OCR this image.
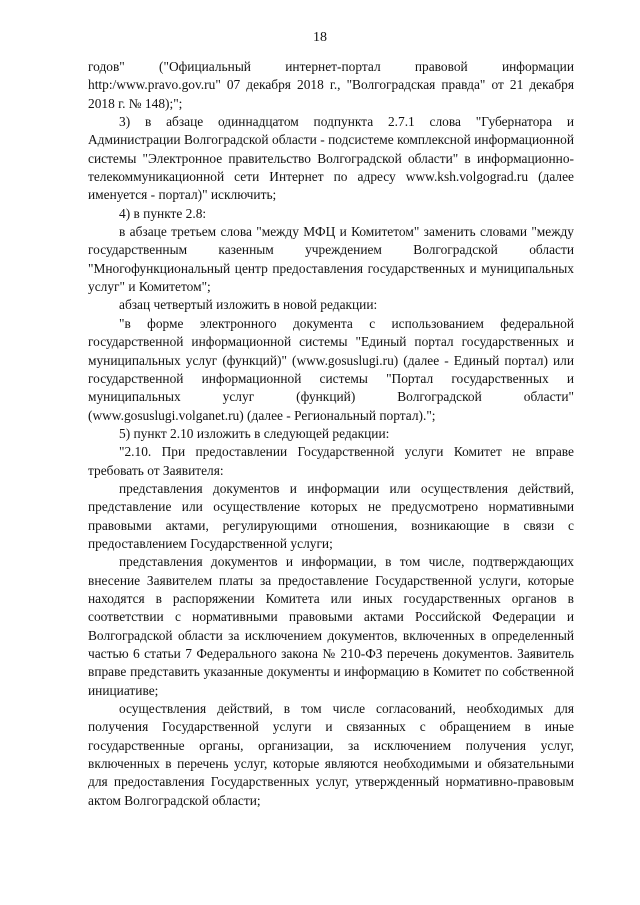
18

годов" ("Официальный интернет-портал правовой информации http:/www.pravo.gov.ru" 07 декабря 2018 г., "Волгоградская правда" от 21 декабря 2018 г. № 148);";

3) в абзаце одиннадцатом подпункта 2.7.1 слова "Губернатора и Администрации Волгоградской области - подсистеме комплексной информационной системы "Электронное правительство Волгоградской области" в информационно-телекоммуникационной сети Интернет по адресу www.ksh.volgograd.ru (далее именуется - портал)" исключить;

4) в пункте 2.8:

в абзаце третьем слова "между МФЦ и Комитетом" заменить словами "между государственным казенным учреждением Волгоградской области "Многофункциональный центр предоставления государственных и муниципальных услуг" и Комитетом";

абзац четвертый изложить в новой редакции:

"в форме электронного документа с использованием федеральной государственной информационной системы "Единый портал государственных и муниципальных услуг (функций)" (www.gosuslugi.ru) (далее - Единый портал) или государственной информационной системы "Портал государственных и муниципальных услуг (функций) Волгоградской области" (www.gosuslugi.volganet.ru) (далее - Региональный портал).";

5) пункт 2.10 изложить в следующей редакции:

"2.10. При предоставлении Государственной услуги Комитет не вправе требовать от Заявителя:

представления документов и информации или осуществления действий, представление или осуществление которых не предусмотрено нормативными правовыми актами, регулирующими отношения, возникающие в связи с предоставлением Государственной услуги;

представления документов и информации, в том числе, подтверждающих внесение Заявителем платы за предоставление Государственной услуги, которые находятся в распоряжении Комитета или иных государственных органов в соответствии с нормативными правовыми актами Российской Федерации и Волгоградской области за исключением документов, включенных в определенный частью 6 статьи 7 Федерального закона № 210-ФЗ перечень документов. Заявитель вправе представить указанные документы и информацию в Комитет по собственной инициативе;

осуществления действий, в том числе согласований, необходимых для получения Государственной услуги и связанных с обращением в иные государственные органы, организации, за исключением получения услуг, включенных в перечень услуг, которые являются необходимыми и обязательными для предоставления Государственных услуг, утвержденный нормативно-правовым актом Волгоградской области;
